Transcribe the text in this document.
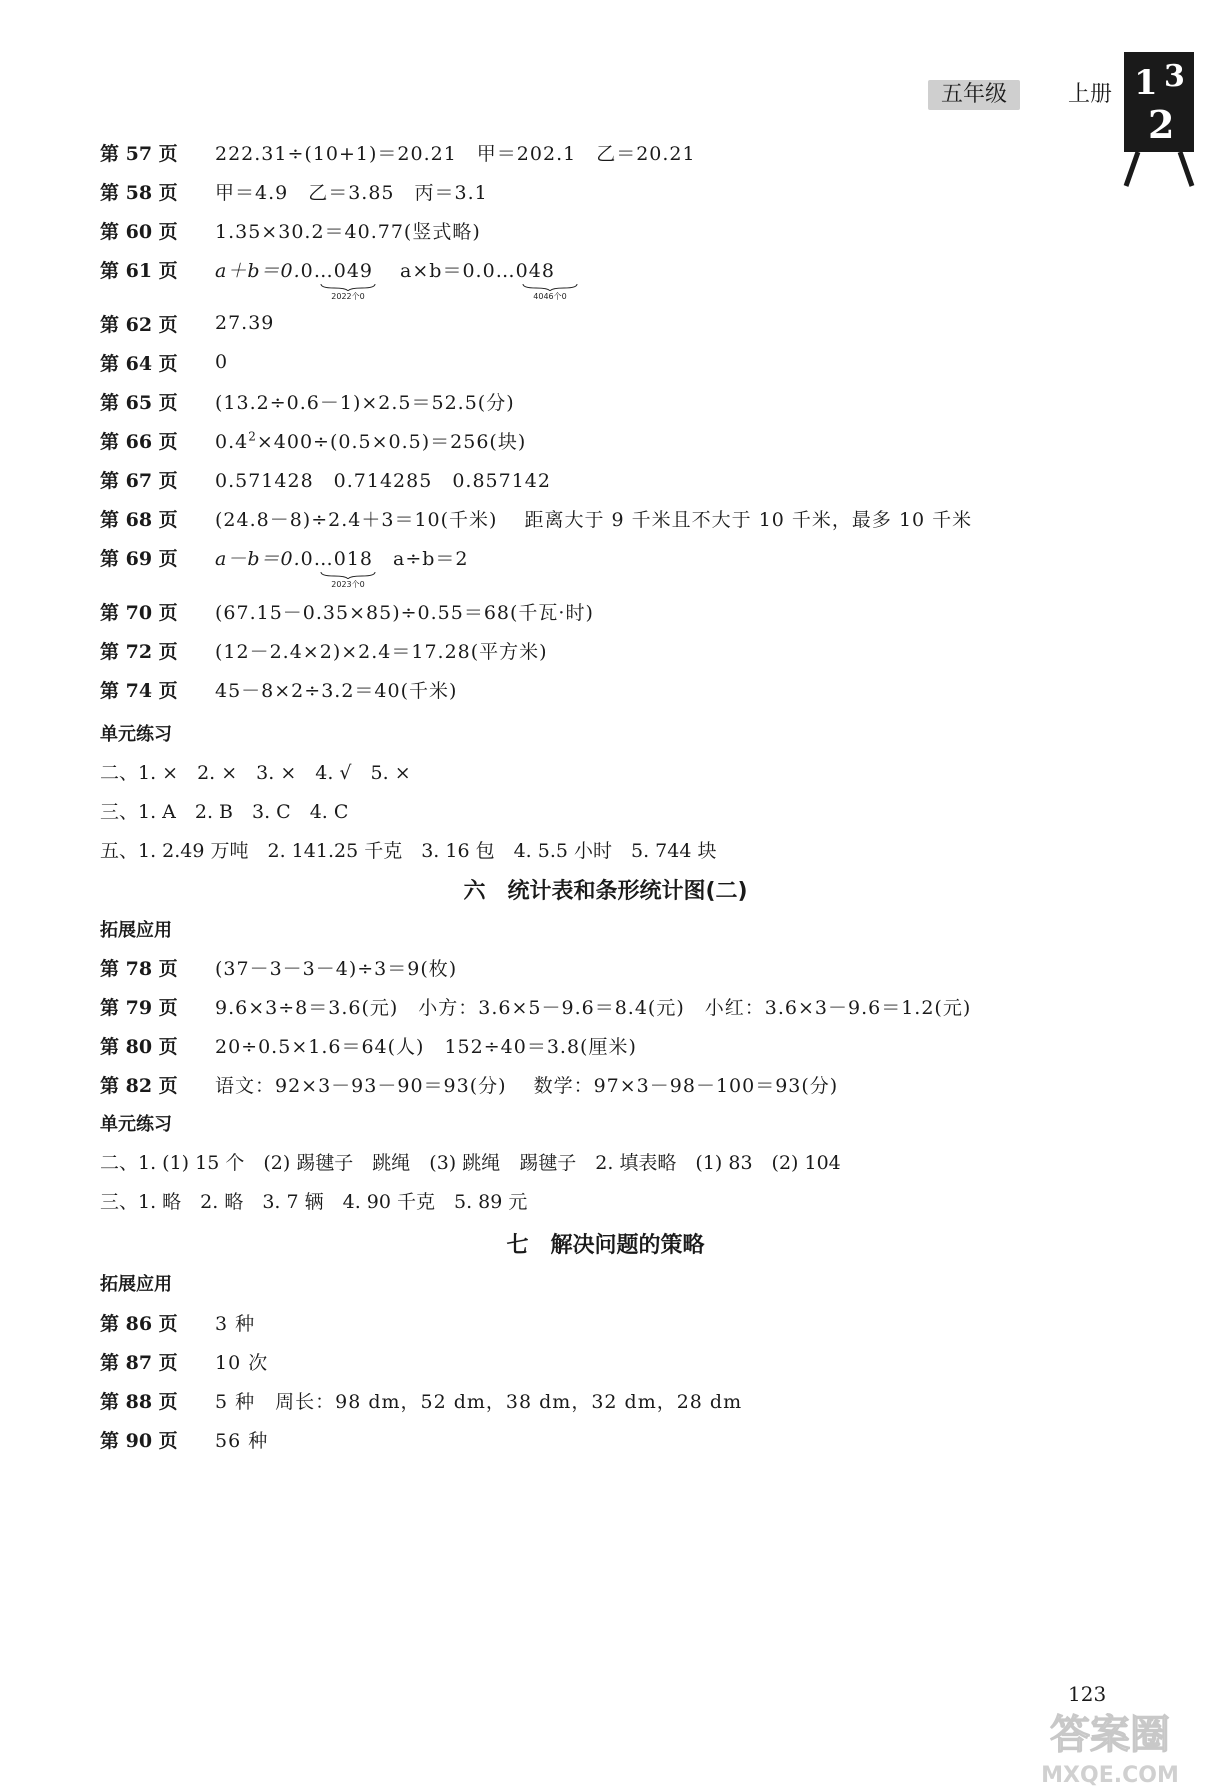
五年级	上册 1 3
2
第 57 页	222.31÷(10+1)＝20.21　甲＝202.1　乙＝20.21
第 58 页	甲＝4.9　乙＝3.85　丙＝3.1
第 60 页	1.35×30.2＝40.77(竖式略)
第 61 页	a＋b＝0.0…049　 a×b＝0.0…048
2022个0	4046个0
第 62 页	27.39
第 64 页	0
第 65 页	(13.2÷0.6－1)×2.5＝52.5(分)
第 66 页	$0.4^2\times 400\div(0.5\times 0.5)=256$(块)
第 67 页	0.571428　0.714285　0.857142
第 68 页	(24.8－8)÷2.4＋3＝10(千米)　 距离大于 9 千米且不大于 10 千米，最多 10 千米
第 69 页	a－b＝0.0…018　a÷b＝2
2023个0
第 70 页	(67.15－0.35×85)÷0.55＝68(千瓦·时)
第 72 页	(12－2.4×2)×2.4＝17.28(平方米)
第 74 页	45－8×2÷3.2＝40(千米)
单元练习
二、1. ×　2. ×　3. ×　4. √　5. ×
三、1. A　2. B　3. C　4. C
五、1. 2.49 万吨　2. 141.25 千克　3. 16 包　4. 5.5 小时　5. 744 块
六　统计表和条形统计图(二)
拓展应用
第 78 页	(37－3－3－4)÷3＝9(枚)
第 79 页	9.6×3÷8＝3.6(元)　小方：3.6×5－9.6＝8.4(元)　小红：3.6×3－9.6＝1.2(元)
第 80 页	20÷0.5×1.6＝64(人)　152÷40＝3.8(厘米)
第 82 页	语文：92×3－93－90＝93(分)　 数学：97×3－98－100＝93(分)
单元练习
二、1. (1) 15 个　(2) 踢毽子　跳绳　(3) 跳绳　踢毽子　2. 填表略　(1) 83　(2) 104
三、1. 略　2. 略　3. 7 辆　4. 90 千克　5. 89 元
七　解决问题的策略
拓展应用
第 86 页	3 种
第 87 页	10 次
第 88 页	5 种　周长：98 dm，52 dm，38 dm，32 dm，28 dm
第 90 页	56 种
123
答案圈
MXQE.COM
